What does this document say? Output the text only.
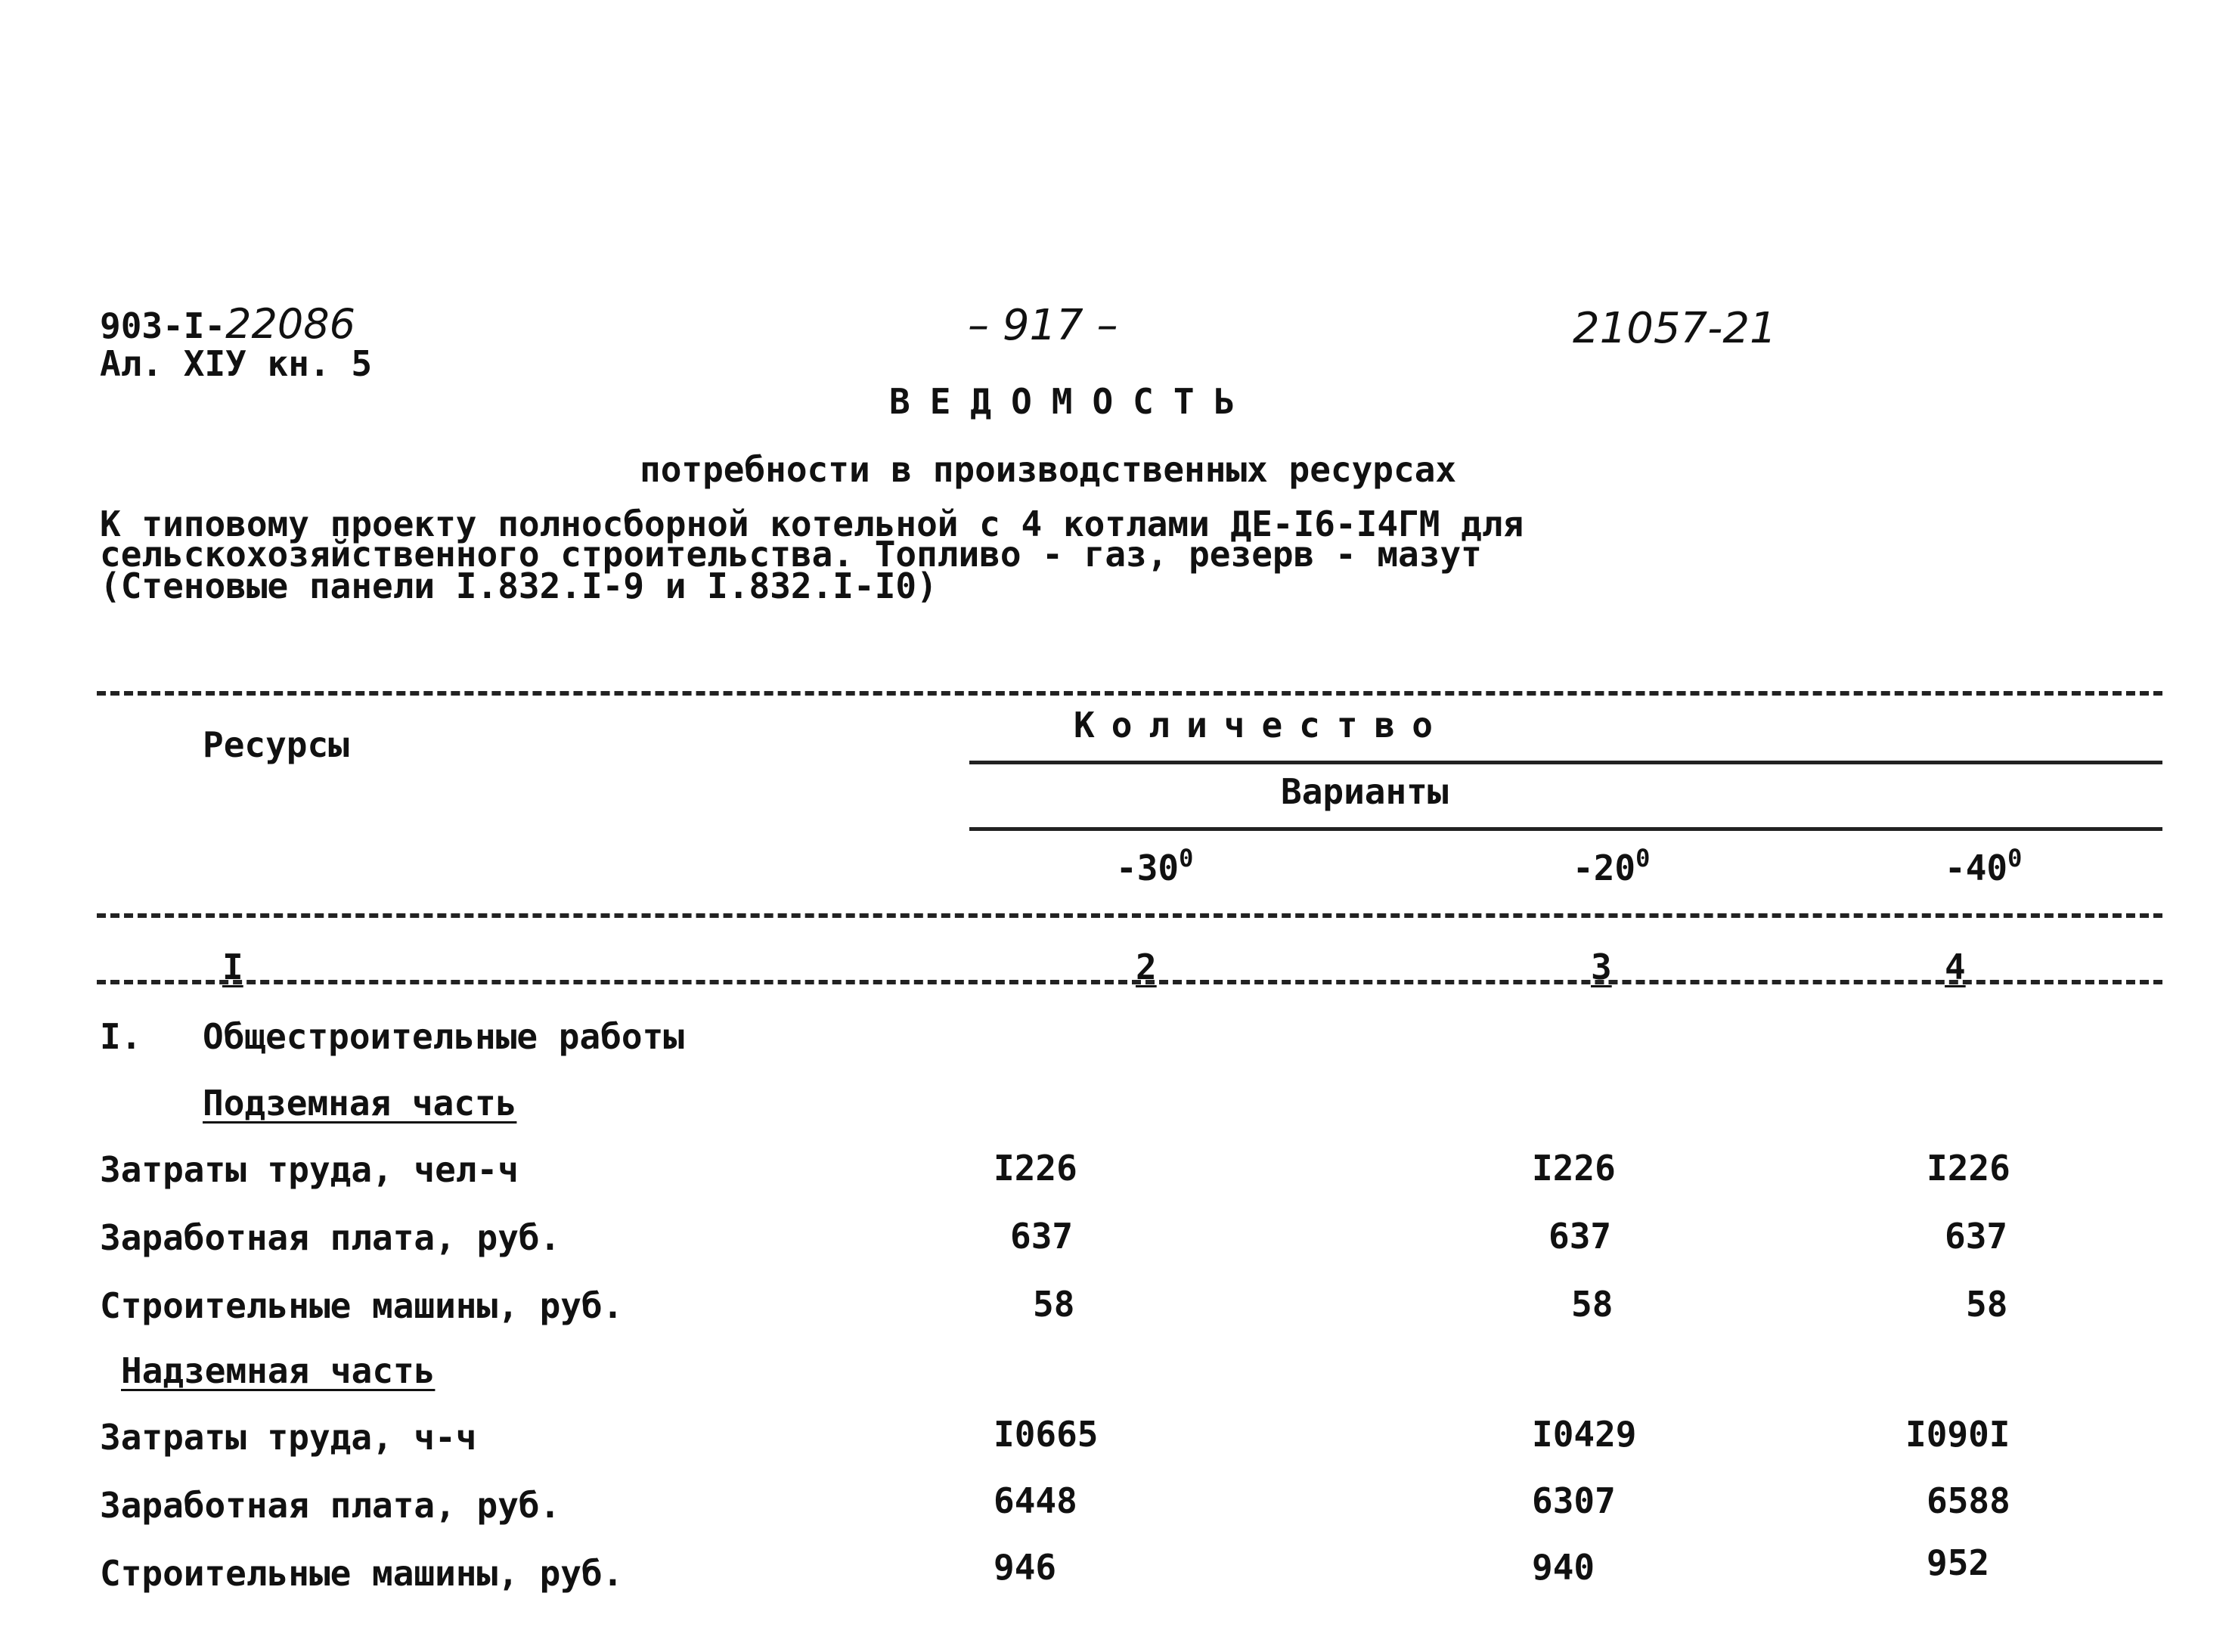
903-I-22086
Ал. XIУ кн. 5
– 917 –	21057-21
ВЕДОМОСТЬ
потребности в производственных ресурсах
К типовому проекту полносборной котельной с 4 котлами ДЕ-I6-I4ГМ для
сельскохозяйственного строительства. Топливо - газ, резерв - мазут
(Стеновые панели I.832.I-9 и I.832.I-I0)
Ресурсы	Количество
Варианты
$-30^0$	$-20^0$	$-40^0$
I	2	3	4
I. Общестроительные работы
Подземная часть
Затраты труда, чел-ч	I226	I226	I226
Заработная плата, руб.	637	637	637
Строительные машины, руб.	58	58	58
Надземная часть
Затраты труда, ч-ч	I0665	I0429	I090I
Заработная плата, руб.	6448	6307	6588
Строительные машины, руб.	946	940	952
